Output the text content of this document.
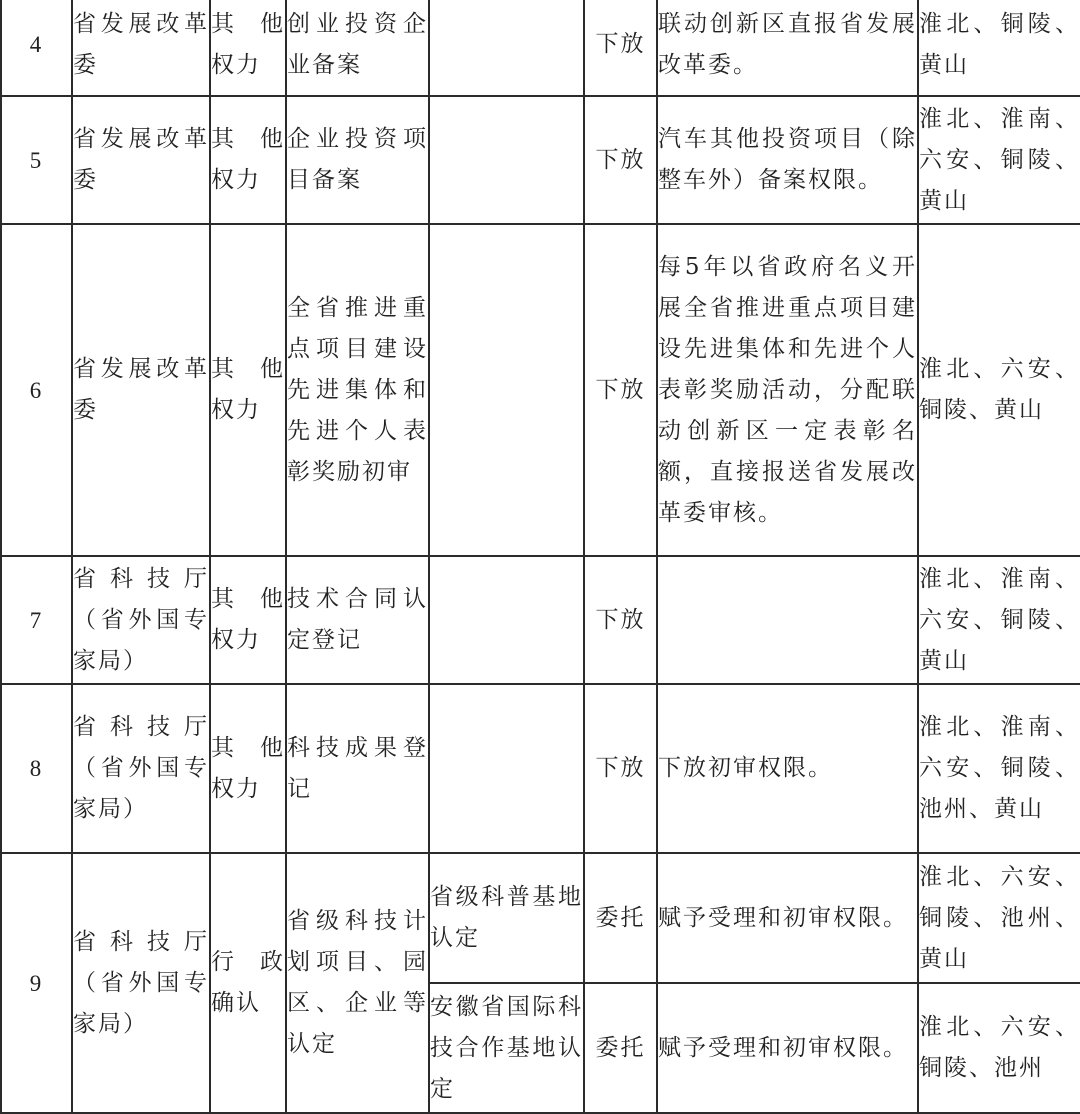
4	省发展改革委	其他权力	创业投资企业备案		下放	联动创新区直报省发展改革委。	淮北、铜陵、黄山

5	省发展改革委	其他权力	企业投资项目备案		下放	汽车其他投资项目（除整车外）备案权限。	淮北、淮南、六安、铜陵、黄山

6	省发展改革委	其他权力	全省推进重点项目建设先进集体和先进个人表彰奖励初审		下放	每5年以省政府名义开展全省推进重点项目建设先进集体和先进个人表彰奖励活动，分配联动创新区一定表彰名额，直接报送省发展改革委审核。	淮北、六安、铜陵、黄山

7	省科技厅（省外国专家局）	其他权力	技术合同认定登记		下放		淮北、淮南、六安、铜陵、黄山

8	省科技厅（省外国专家局）	其他权力	科技成果登记		下放	下放初审权限。	淮北、淮南、六安、铜陵、池州、黄山

9	省科技厅（省外国专家局）	行政确认	省级科技计划项目、园区、企业等认定	省级科普基地认定	委托	赋予受理和初审权限。	淮北、六安、铜陵、池州、黄山

				安徽省国际科技合作基地认定	委托	赋予受理和初审权限。	淮北、六安、铜陵、池州
